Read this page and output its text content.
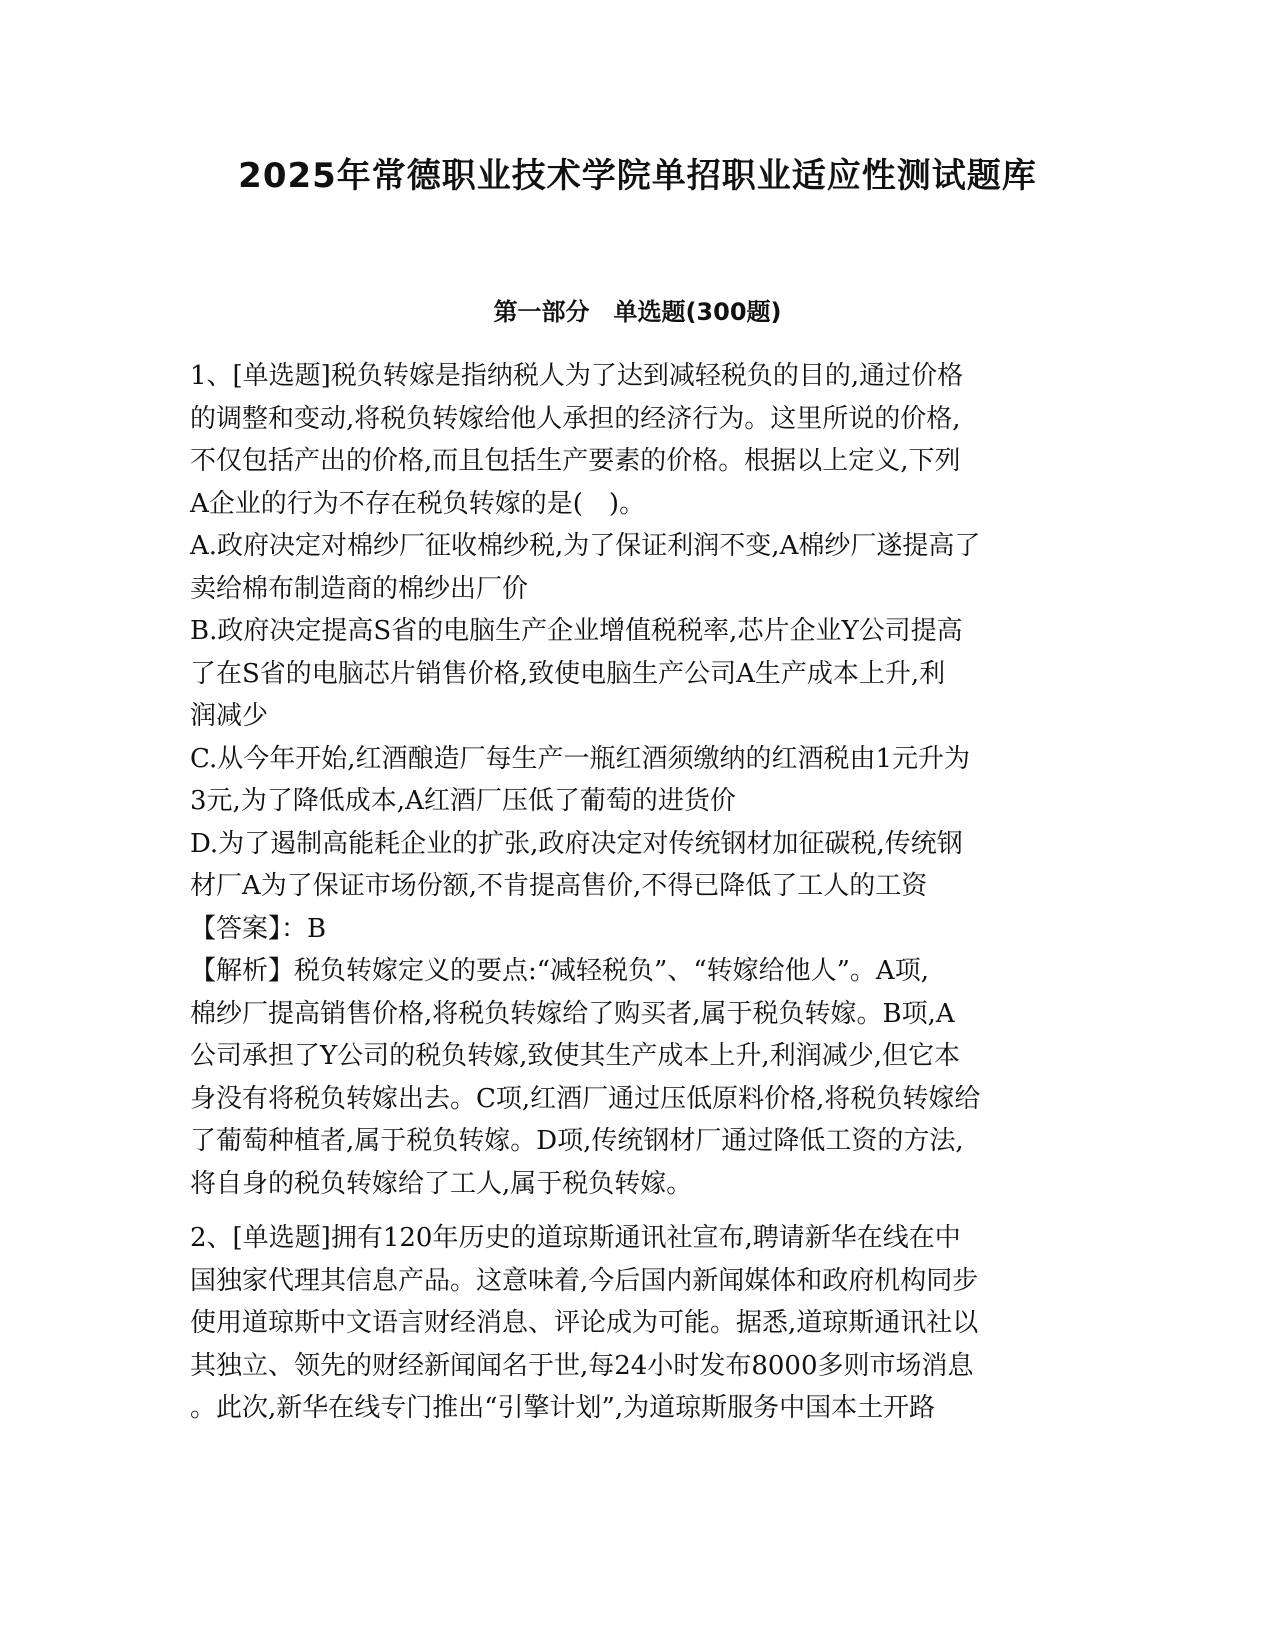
2025年常德职业技术学院单招职业适应性测试题库
第一部分　单选题(300题)
1、[单选题]税负转嫁是指纳税人为了达到减轻税负的目的,通过价格
的调整和变动,将税负转嫁给他人承担的经济行为。这里所说的价格,
不仅包括产出的价格,而且包括生产要素的价格。根据以上定义,下列
A企业的行为不存在税负转嫁的是(　)。
A.政府决定对棉纱厂征收棉纱税,为了保证利润不变,A棉纱厂遂提高了
卖给棉布制造商的棉纱出厂价
B.政府决定提高S省的电脑生产企业增值税税率,芯片企业Y公司提高
了在S省的电脑芯片销售价格,致使电脑生产公司A生产成本上升,利
润减少
C.从今年开始,红酒酿造厂每生产一瓶红酒须缴纳的红酒税由1元升为
3元,为了降低成本,A红酒厂压低了葡萄的进货价
D.为了遏制高能耗企业的扩张,政府决定对传统钢材加征碳税,传统钢
材厂A为了保证市场份额,不肯提高售价,不得已降低了工人的工资
【答案】：B
【解析】税负转嫁定义的要点:“减轻税负”、“转嫁给他人”。A项,
棉纱厂提高销售价格,将税负转嫁给了购买者,属于税负转嫁。B项,A
公司承担了Y公司的税负转嫁,致使其生产成本上升,利润减少,但它本
身没有将税负转嫁出去。C项,红酒厂通过压低原料价格,将税负转嫁给
了葡萄种植者,属于税负转嫁。D项,传统钢材厂通过降低工资的方法,
将自身的税负转嫁给了工人,属于税负转嫁。
2、[单选题]拥有120年历史的道琼斯通讯社宣布,聘请新华在线在中
国独家代理其信息产品。这意味着,今后国内新闻媒体和政府机构同步
使用道琼斯中文语言财经消息、评论成为可能。据悉,道琼斯通讯社以
其独立、领先的财经新闻闻名于世,每24小时发布8000多则市场消息
。此次,新华在线专门推出“引擎计划”,为道琼斯服务中国本土开路
